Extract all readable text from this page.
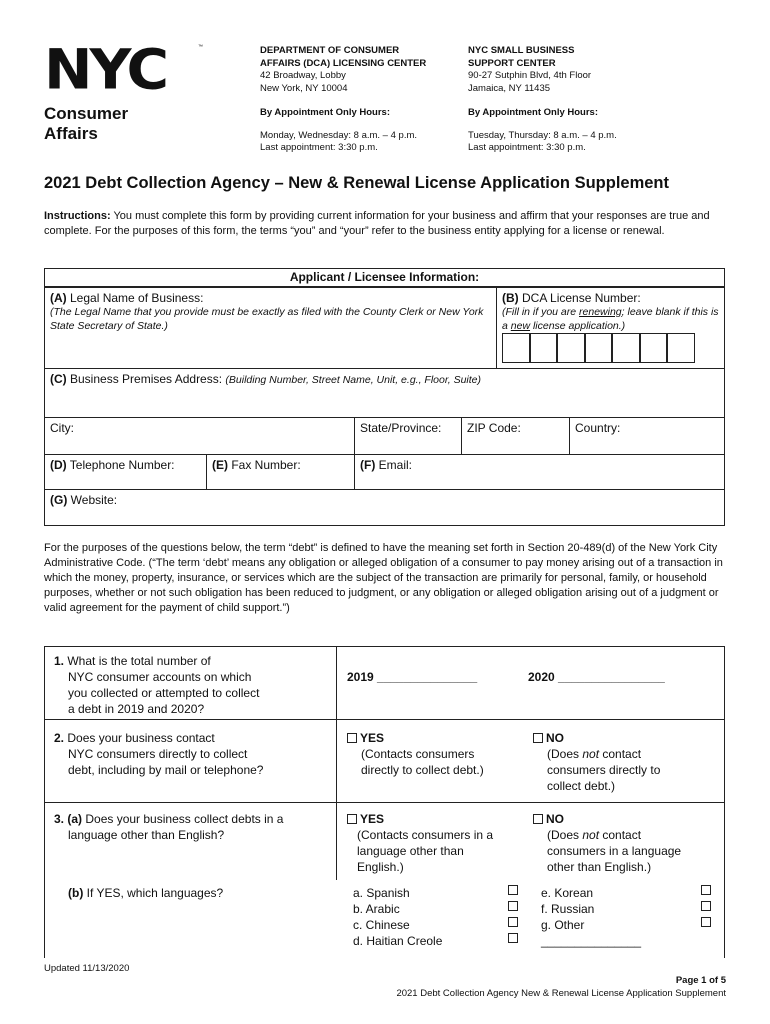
NYC	™
Consumer
Affairs
DEPARTMENT OF CONSUMER
AFFAIRS (DCA) LICENSING CENTER
42 Broadway, Lobby
New York, NY 10004
By Appointment Only Hours:
Monday, Wednesday: 8 a.m. – 4 p.m.
Last appointment: 3:30 p.m.
NYC SMALL BUSINESS
SUPPORT CENTER
90-27 Sutphin Blvd, 4th Floor
Jamaica, NY 11435
By Appointment Only Hours:
Tuesday, Thursday: 8 a.m. – 4 p.m.
Last appointment: 3:30 p.m.
2021 Debt Collection Agency – New & Renewal License Application Supplement
Instructions: You must complete this form by providing current information for your business and affirm that your responses are true and complete. For the purposes of this form, the terms “you” and “your” refer to the business entity applying for a license or renewal.
Applicant / Licensee Information:
(A) Legal Name of Business:
(The Legal Name that you provide must be exactly as filed with the County Clerk or New York State Secretary of State.)
(B) DCA License Number:
(Fill in if you are renewing; leave blank if this is a new license application.)
(C) Business Premises Address: (Building Number, Street Name, Unit, e.g., Floor, Suite)
City:	State/Province:	ZIP Code:	Country:
(D) Telephone Number:	(E) Fax Number:	(F) Email:
(G) Website:
For the purposes of the questions below, the term “debt” is defined to have the meaning set forth in Section 20-489(d) of the New York City Administrative Code. (“The term ‘debt’ means any obligation or alleged obligation of a consumer to pay money arising out of a transaction in which the money, property, insurance, or services which are the subject of the transaction are primarily for personal, family, or household purposes, whether or not such obligation has been reduced to judgment, or any obligation or alleged obligation arising out of a judgment or valid agreement for the payment of child support.”)
1. What is the total number of
NYC consumer accounts on which
you collected or attempted to collect
a debt in 2019 and 2020?
2019 _______________	2020 ________________
2. Does your business contact
NYC consumers directly to collect
debt, including by mail or telephone?
YES
(Contacts consumers
directly to collect debt.)
NO
(Does not contact
consumers directly to
collect debt.)
3. (a) Does your business collect debts in a
language other than English?
YES
(Contacts consumers in a
language other than
English.)
NO
(Does not contact
consumers in a language
other than English.)
(b) If YES, which languages?	a. Spanish
b. Arabic
c. Chinese
d. Haitian Creole
e. Korean
f. Russian
g. Other
_______________
Updated 11/13/2020
Page 1 of 5
2021 Debt Collection Agency New & Renewal License Application Supplement
